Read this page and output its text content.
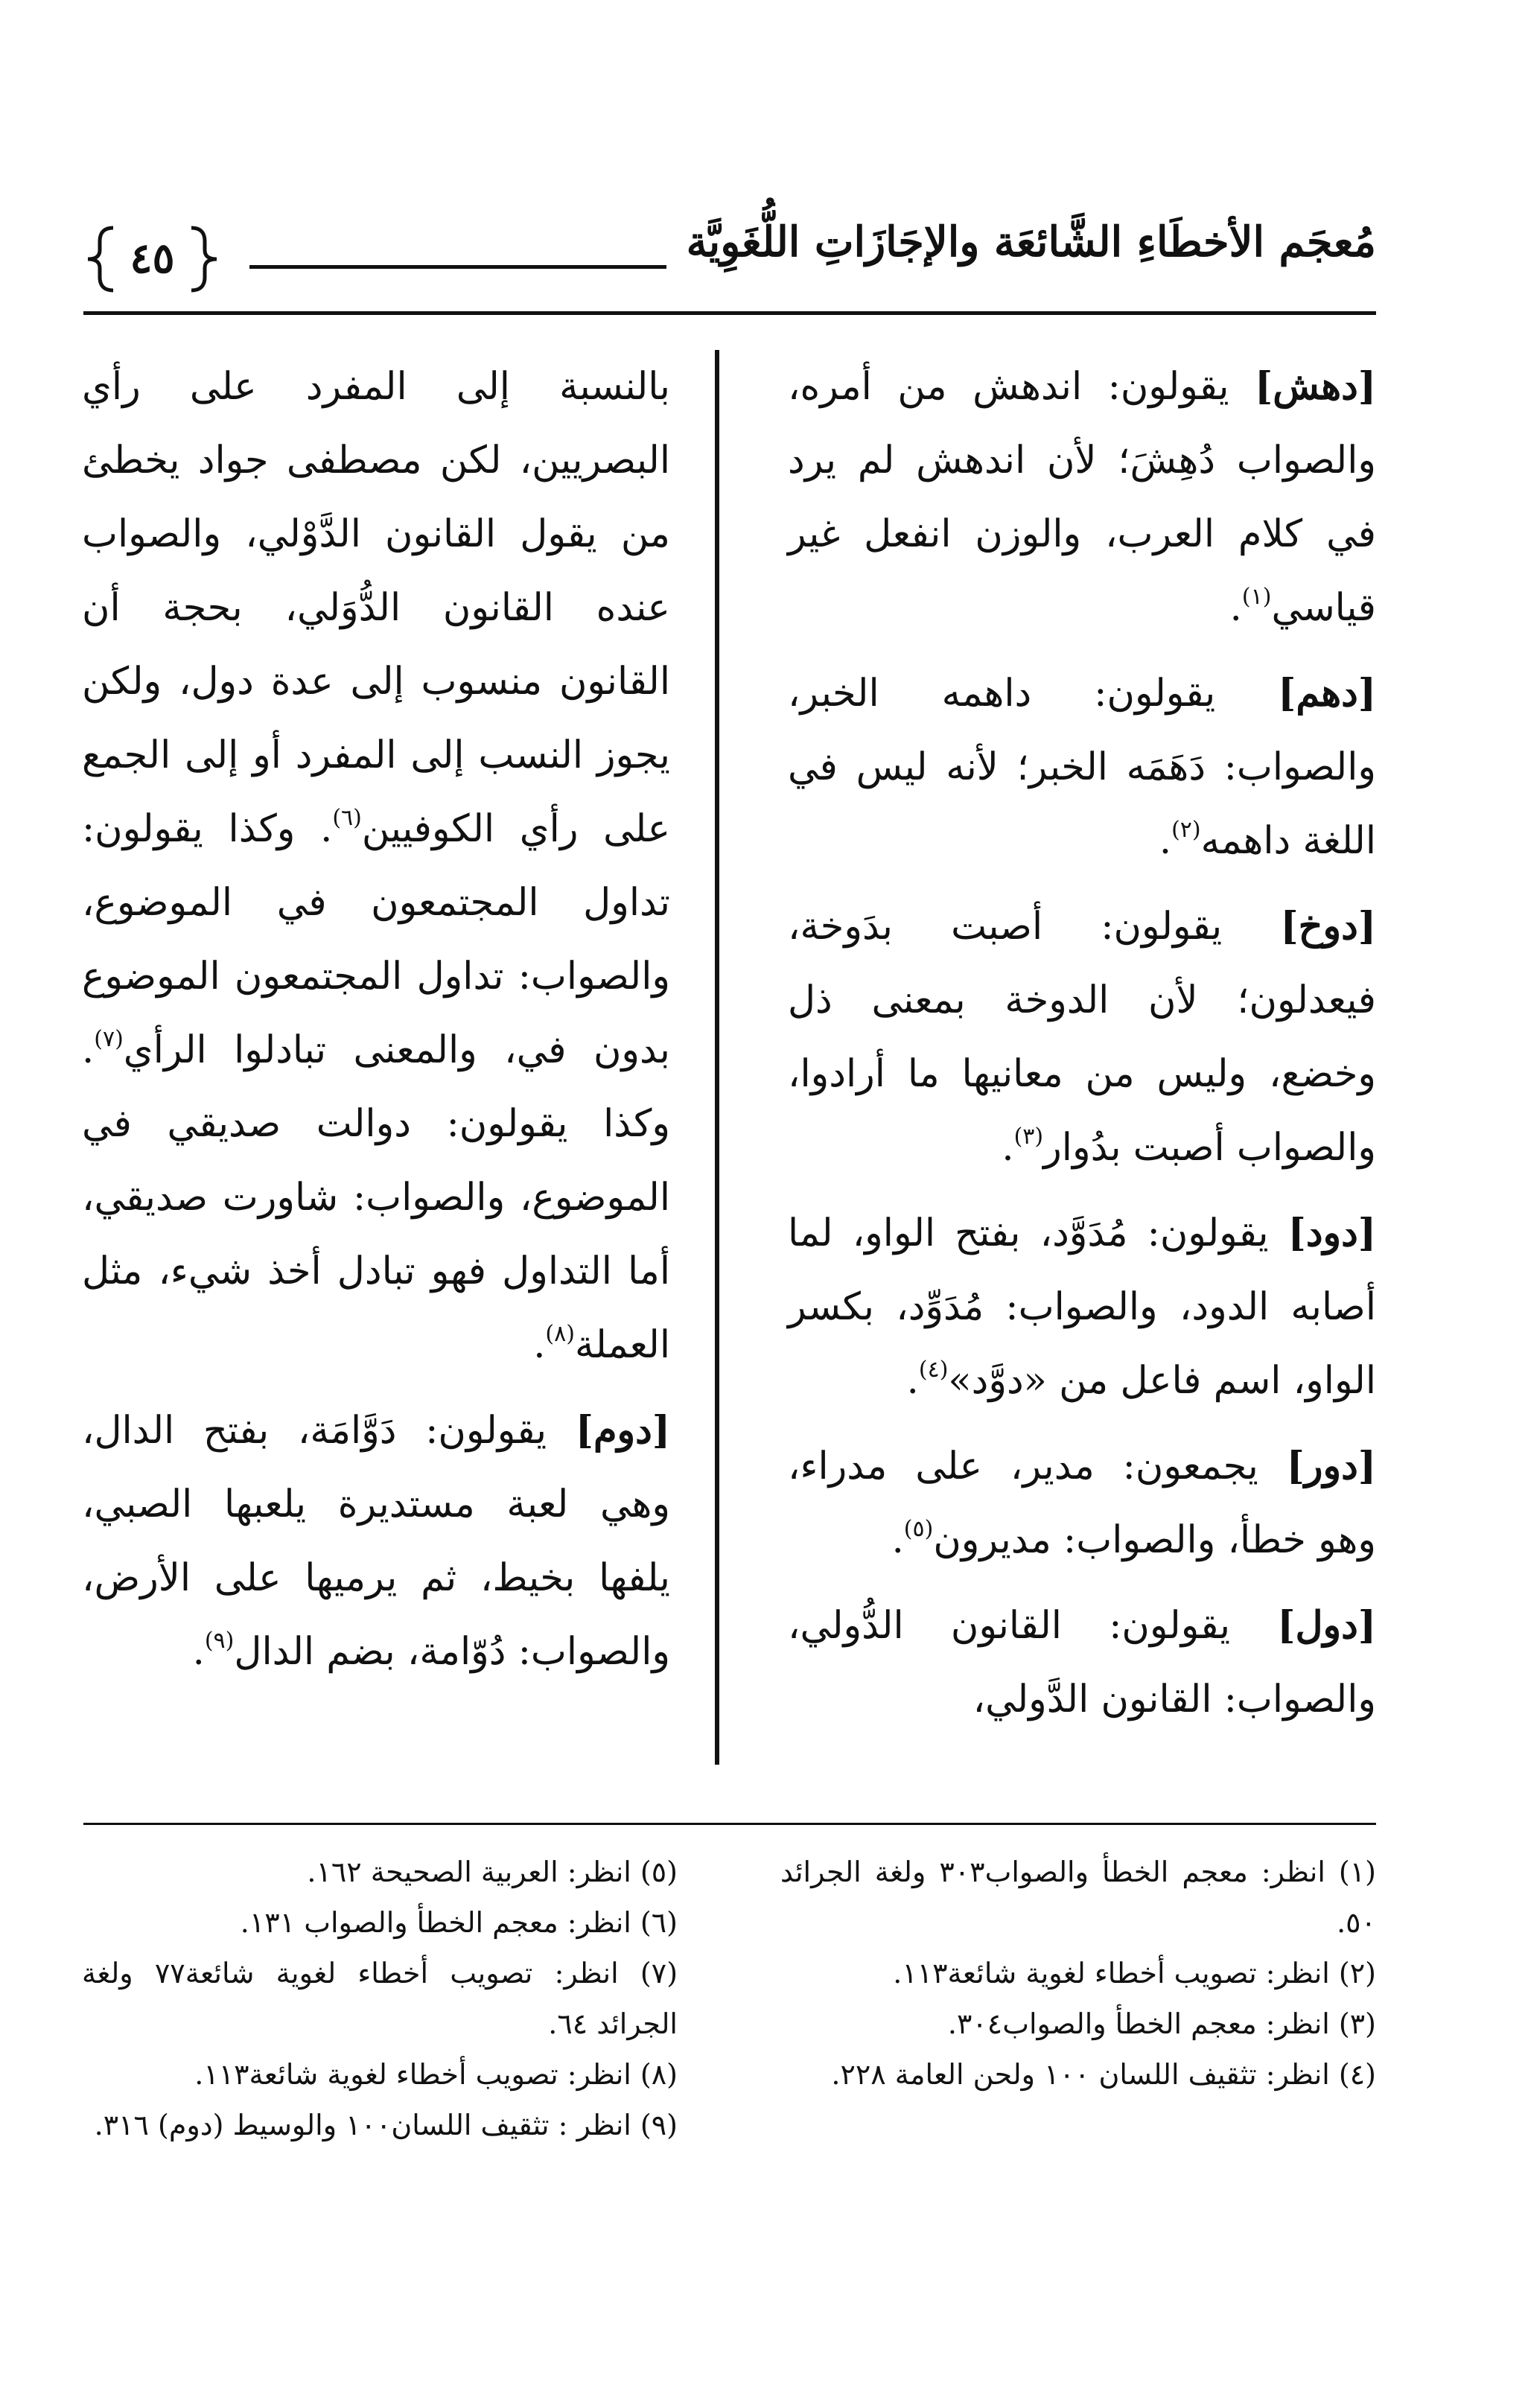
مُعجَم الأخطَاءِ الشَّائعَة والإجَازَاتِ اللُّغَوِيَّة
٤٥

[دهش] يقولون: اندهش من أمره، والصواب دُهِشَ؛ لأن اندهش لم يرد في كلام العرب، والوزن انفعل غير قياسي$^{(١)}$.

[دهم] يقولون: داهمه الخبر، والصواب: دَهَمَه الخبر؛ لأنه ليس في اللغة داهمه$^{(٢)}$.

[دوخ] يقولون: أصبت بدَوخة، فيعدلون؛ لأن الدوخة بمعنى ذل وخضع، وليس من معانيها ما أرادوا، والصواب أصبت بدُوار$^{(٣)}$.

[دود] يقولون: مُدَوَّد، بفتح الواو، لما أصابه الدود، والصواب: مُدَوِّد، بكسر الواو، اسم فاعل من «دوَّد»$^{(٤)}$.

[دور] يجمعون: مدير، على مدراء، وهو خطأ، والصواب: مديرون$^{(٥)}$.

[دول] يقولون: القانون الدُّولي، والصواب: القانون الدَّولي،

بالنسبة إلى المفرد على رأي البصريين، لكن مصطفى جواد يخطئ من يقول القانون الدَّوْلي، والصواب عنده القانون الدُّوَلي، بحجة أن القانون منسوب إلى عدة دول، ولكن يجوز النسب إلى المفرد أو إلى الجمع على رأي الكوفيين$^{(٦)}$. وكذا يقولون: تداول المجتمعون في الموضوع، والصواب: تداول المجتمعون الموضوع بدون في، والمعنى تبادلوا الرأي$^{(٧)}$. وكذا يقولون: دوالت صديقي في الموضوع، والصواب: شاورت صديقي، أما التداول فهو تبادل أخذ شيء، مثل العملة$^{(٨)}$.

[دوم] يقولون: دَوَّامَة، بفتح الدال، وهي لعبة مستديرة يلعبها الصبي، يلفها بخيط، ثم يرميها على الأرض، والصواب: دُوّامة، بضم الدال$^{(٩)}$.

(١) انظر: معجم الخطأ والصواب٣٠٣ ولغة الجرائد ٥٠.

(٢) انظر: تصويب أخطاء لغوية شائعة١١٣.

(٣) انظر: معجم الخطأ والصواب٣٠٤.

(٤) انظر: تثقيف اللسان ١٠٠ ولحن العامة ٢٢٨.

(٥) انظر: العربية الصحيحة ١٦٢.

(٦) انظر: معجم الخطأ والصواب ١٣١.

(٧) انظر: تصويب أخطاء لغوية شائعة٧٧ ولغة الجرائد ٦٤.

(٨) انظر: تصويب أخطاء لغوية شائعة١١٣.

(٩) انظر : تثقيف اللسان١٠٠ والوسيط (دوم) ٣١٦.
